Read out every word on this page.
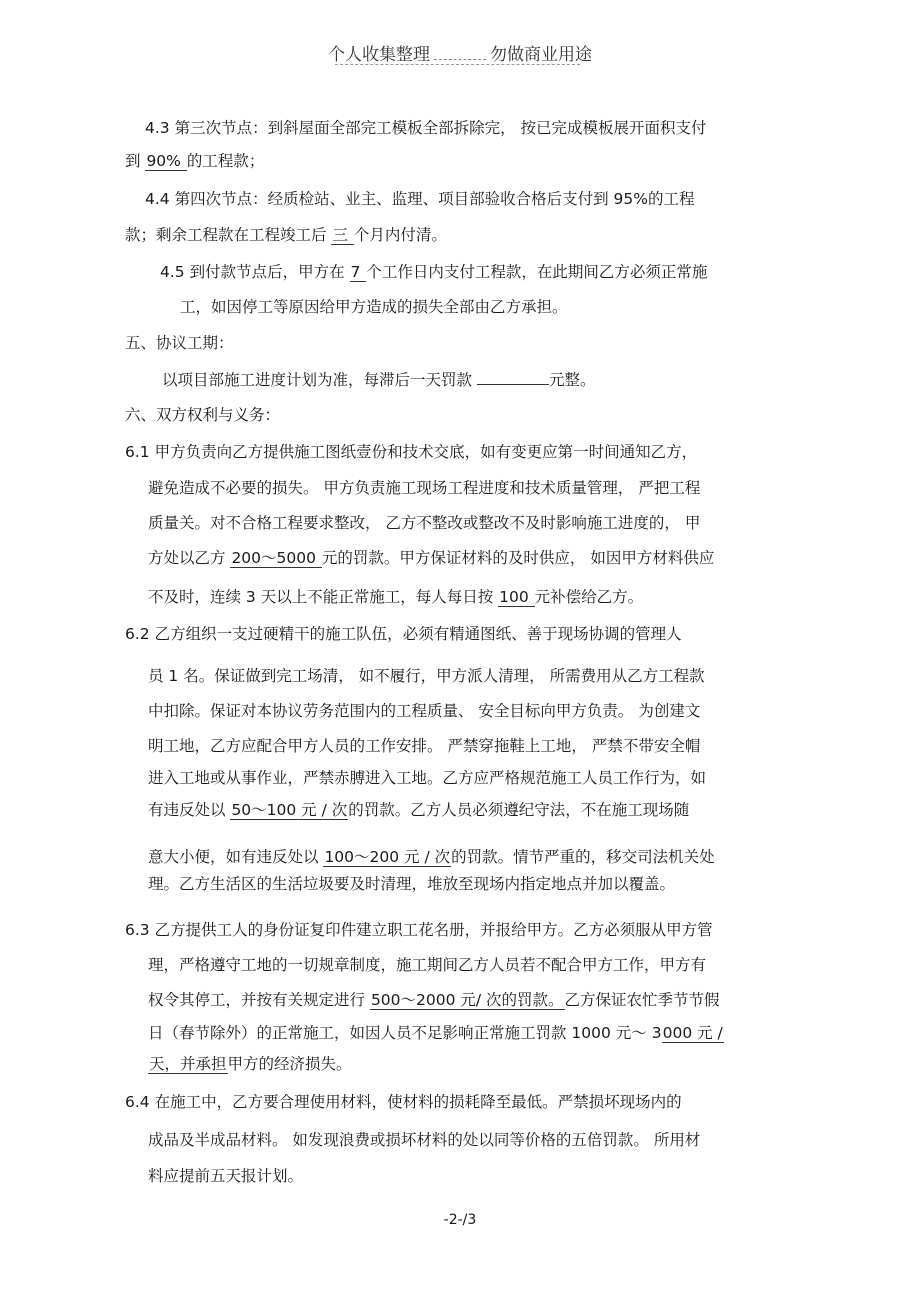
个人收集整理	勿做商业用途
4.3 第三次节点：到斜屋面全部完工模板全部拆除完， 按已完成模板展开面积支付
到 90% 的工程款；
4.4 第四次节点：经质检站、业主、监理、项目部验收合格后支付到 95%的工程
款；剩余工程款在工程竣工后 三 个月内付清。
4.5 到付款节点后，甲方在 7 个工作日内支付工程款，在此期间乙方必须正常施
工，如因停工等原因给甲方造成的损失全部由乙方承担。
五、协议工期：
以项目部施工进度计划为准，每滞后一天罚款	元整。
六、双方权利与义务：
6.1 甲方负责向乙方提供施工图纸壹份和技术交底，如有变更应第一时间通知乙方，
避免造成不必要的损失。 甲方负责施工现场工程进度和技术质量管理， 严把工程
质量关。对不合格工程要求整改， 乙方不整改或整改不及时影响施工进度的， 甲
方处以乙方 200～5000 元的罚款。甲方保证材料的及时供应， 如因甲方材料供应
不及时，连续 3 天以上不能正常施工，每人每日按 100 元补偿给乙方。
6.2 乙方组织一支过硬精干的施工队伍，必须有精通图纸、善于现场协调的管理人
员 1 名。保证做到完工场清， 如不履行，甲方派人清理， 所需费用从乙方工程款
中扣除。保证对本协议劳务范围内的工程质量、 安全目标向甲方负责。 为创建文
明工地，乙方应配合甲方人员的工作安排。 严禁穿拖鞋上工地， 严禁不带安全帽
进入工地或从事作业，严禁赤膊进入工地。乙方应严格规范施工人员工作行为，如
有违反处以 50～100 元 / 次的罚款。乙方人员必须遵纪守法，不在施工现场随
意大小便，如有违反处以 100～200 元 / 次的罚款。情节严重的，移交司法机关处
理。乙方生活区的生活垃圾要及时清理，堆放至现场内指定地点并加以覆盖。
6.3 乙方提供工人的身份证复印件建立职工花名册，并报给甲方。乙方必须服从甲方管
理，严格遵守工地的一切规章制度，施工期间乙方人员若不配合甲方工作，甲方有
权令其停工，并按有关规定进行 500～2000 元/ 次的罚款。乙方保证农忙季节节假
日（春节除外）的正常施工，如因人员不足影响正常施工罚款 1000 元～ 3000 元 /
天，并承担甲方的经济损失。
6.4 在施工中，乙方要合理使用材料，使材料的损耗降至最低。严禁损坏现场内的
成品及半成品材料。 如发现浪费或损坏材料的处以同等价格的五倍罚款。 所用材
料应提前五天报计划。
-2-/3
